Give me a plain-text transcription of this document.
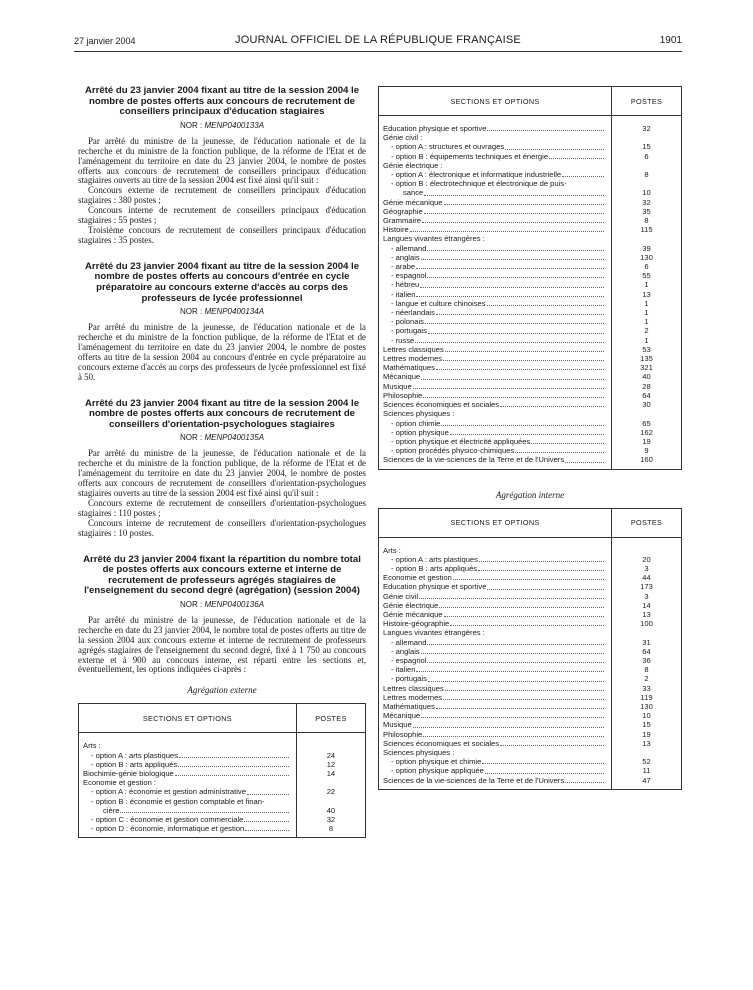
27 janvier 2004	JOURNAL OFFICIEL DE LA RÉPUBLIQUE FRANÇAISE	1901
Arrêté du 23 janvier 2004 fixant au titre de la session 2004 le nombre de postes offerts aux concours de recrutement de conseillers principaux d'éducation stagiaires
NOR : MENP0400133A

Par arrêté du ministre de la jeunesse, de l'éducation nationale et de la recherche et du ministre de la fonction publique, de la réforme de l'Etat et de l'aménagement du territoire en date du 23 janvier 2004, le nombre de postes offerts aux concours de recrutement de conseillers principaux d'éducation stagiaires ouverts au titre de la session 2004 est fixé ainsi qu'il suit :

Concours externe de recrutement de conseillers principaux d'éducation stagiaires : 380 postes ;

Concours interne de recrutement de conseillers principaux d'éducation stagiaires : 55 postes ;

Troisième concours de recrutement de conseillers principaux d'éducation stagiaires : 35 postes.

Arrêté du 23 janvier 2004 fixant au titre de la session 2004 le nombre de postes offerts au concours d'entrée en cycle préparatoire au concours externe d'accès au corps des professeurs de lycée professionnel
NOR : MENP0400134A

Par arrêté du ministre de la jeunesse, de l'éducation nationale et de la recherche et du ministre de la fonction publique, de la réforme de l'Etat et de l'aménagement du territoire en date du 23 janvier 2004, le nombre de postes offerts au titre de la session 2004 au concours d'entrée en cycle préparatoire au concours externe d'accès au corps des professeurs de lycée professionnel est fixé à 50.

Arrêté du 23 janvier 2004 fixant au titre de la session 2004 le nombre de postes offerts aux concours de recrutement de conseillers d'orientation-psychologues stagiaires
NOR : MENP0400135A

Par arrêté du ministre de la jeunesse, de l'éducation nationale et de la recherche et du ministre de la fonction publique, de la réforme de l'Etat et de l'aménagement du territoire en date du 23 janvier 2004, le nombre de postes offerts aux concours de recrutement de conseillers d'orientation-psychologues stagiaires ouverts au titre de la session 2004 est fixé ainsi qu'il suit :

Concours externe de recrutement de conseillers d'orientation-psychologues stagiaires : 110 postes ;

Concours interne de recrutement de conseillers d'orientation-psychologues stagiaires : 10 postes.

Arrêté du 23 janvier 2004 fixant la répartition du nombre total de postes offerts aux concours externe et interne de recrutement de professeurs agrégés stagiaires de l'enseignement du second degré (agrégation) (session 2004)
NOR : MENP0400136A

Par arrêté du ministre de la jeunesse, de l'éducation nationale et de la recherche en date du 23 janvier 2004, le nombre total de postes offerts au titre de la session 2004 aux concours externe et interne de recrutement de professeurs agrégés stagiaires de l'enseignement du second degré, fixé à 1 750 au concours externe et à 900 au concours interne, est réparti entre les sections et, éventuellement, les options indiquées ci-après :

Agrégation externe
SECTIONS ET OPTIONS	POSTES

Arts :	

- option A : arts plastiques	24

- option B : arts appliqués	12

Biochimie-génie biologique	14

Economie et gestion :	

- option A : économie et gestion administrative	22

- option B : économie et gestion comptable et finan-
cière	40

- option C : économie et gestion commerciale	32

- option D : économie, informatique et gestion	8
SECTIONS ET OPTIONS	POSTES

Education physique et sportive	32

Génie civil :	

- option A : structures et ouvrages	15

- option B : équipements techniques et énergie	6

Génie électrique :	

- option A : électronique et informatique industrielle	8

- option B : électrotechnique et électronique de puis-
sance	10

Génie mécanique	32

Géographie	35

Grammaire	8

Histoire	115

Langues vivantes étrangères :	

- allemand	39

- anglais	130

- arabe	6

- espagnol	55

- hébreu	1

- italien	13

- langue et culture chinoises	1

- néerlandais	1

- polonais	1

- portugais	2

- russe	1

Lettres classiques	53

Lettres modernes	135

Mathématiques	321

Mécanique	40

Musique	28

Philosophie	64

Sciences économiques et sociales	30

Sciences physiques :	

- option chimie	65

- option physique	162

- option physique et électricité appliquées	19

- option procédés physico-chimiques	9

Sciences de la vie-sciences de la Terre et de l'Univers	160
Agrégation interne
SECTIONS ET OPTIONS	POSTES

Arts :	

- option A : arts plastiques	20

- option B : arts appliqués	3

Economie et gestion	44

Education physique et sportive	173

Génie civil	3

Génie électrique	14

Génie mécanique	13

Histoire-géographie	100

Langues vivantes étrangères :	

- allemand	31

- anglais	64

- espagnol	36

- italien	8

- portugais	2

Lettres classiques	33

Lettres modernes	119

Mathématiques	130

Mécanique	10

Musique	15

Philosophie	19

Sciences économiques et sociales	13

Sciences physiques :	

- option physique et chimie	52

- option physique appliquée	11

Sciences de la vie-sciences de la Terre et de l'Univers	47
